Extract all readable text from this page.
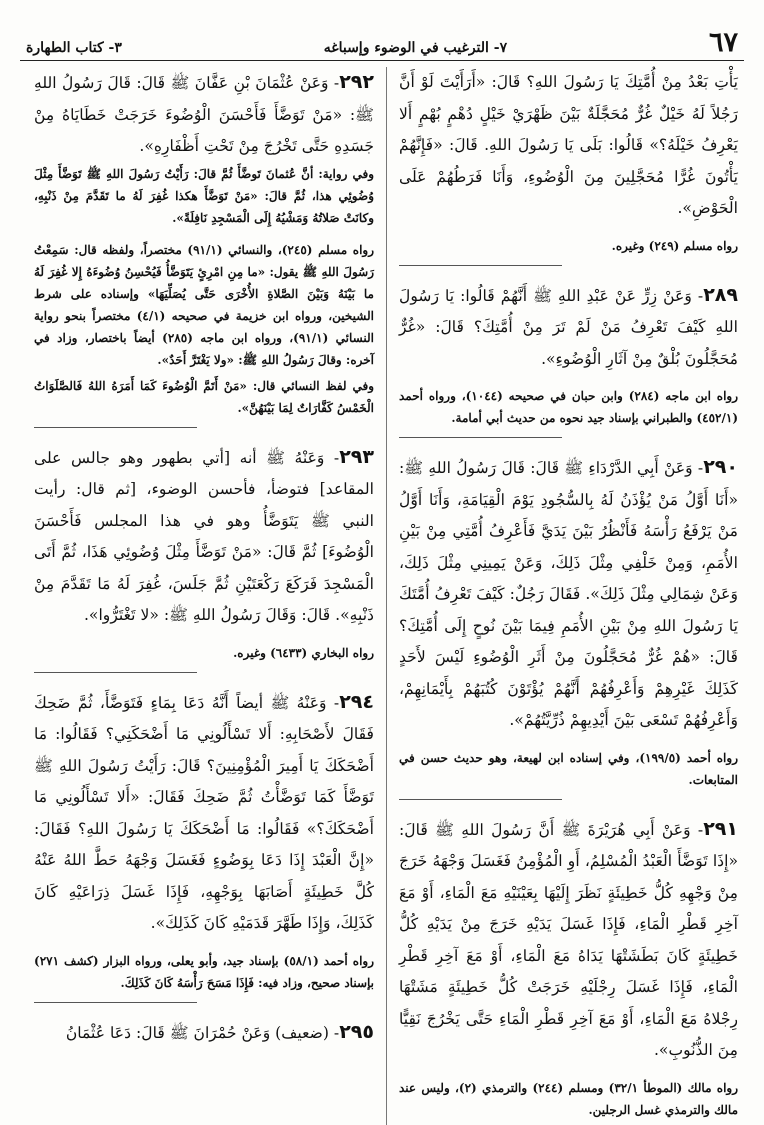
٦٧
٧- الترغيب في الوضوء وإسباغه
٣- كتاب الطهارة

يَأْتِ بَعْدُ مِنْ أُمَّتِكَ يَا رَسُولَ اللهِ؟ قَالَ: «أَرَأَيْتَ لَوْ أَنَّ رَجُلاً لَهُ خَيْلٌ غُرٌّ مُحَجَّلَةٌ بَيْنَ ظَهْرَيْ خَيْلٍ دُهْمٍ بُهْمٍ أَلا يَعْرِفُ خَيْلَهُ؟» قَالُوا: بَلَى يَا رَسُولَ اللهِ. قَالَ: «فَإِنَّهُمْ يَأْتُونَ غُرًّا مُحَجَّلِينَ مِنَ الْوُضُوءِ، وَأَنَا فَرَطُهُمْ عَلَى الْحَوْضِ».

رواه مسلم (٢٤٩) وغيره.

٢٨٩- وَعَنْ زِرٍّ عَنْ عَبْدِ اللهِ ﷺ أَنَّهُمْ قَالُوا: يَا رَسُولَ اللهِ كَيْفَ تَعْرِفُ مَنْ لَمْ تَرَ مِنْ أُمَّتِكَ؟ قَالَ: «غُرٌّ مُحَجَّلُونَ بُلْقٌ مِنْ آثَارِ الْوُضُوءِ».

رواه ابن ماجه (٢٨٤) وابن حبان في صحيحه (١٠٤٤)، ورواه أحمد (٤٥٢/١) والطبراني بإسناد جيد نحوه من حديث أبي أمامة.

٢٩٠- وَعَنْ أَبِي الدَّرْدَاءِ ﷺ قَالَ: قَالَ رَسُولُ اللهِ ﷺ: «أَنَا أَوَّلُ مَنْ يُؤْذَنُ لَهُ بِالسُّجُودِ يَوْمَ الْقِيَامَةِ، وَأَنَا أَوَّلُ مَنْ يَرْفَعُ رَأْسَهُ فَأَنْظُرُ بَيْنَ يَدَيَّ فَأَعْرِفُ أُمَّتِي مِنْ بَيْنِ الأُمَمِ، وَمِنْ خَلْفِي مِثْلَ ذَلِكَ، وَعَنْ يَمِينِي مِثْلَ ذَلِكَ، وَعَنْ شِمَالِي مِثْلَ ذَلِكَ». فَقَالَ رَجُلٌ: كَيْفَ تَعْرِفُ أُمَّتَكَ يَا رَسُولَ اللهِ مِنْ بَيْنِ الأُمَمِ فِيمَا بَيْنَ نُوحٍ إِلَى أُمَّتِكَ؟ قَالَ: «هُمْ غُرٌّ مُحَجَّلُونَ مِنْ أَثَرِ الْوُضُوءِ لَيْسَ لأَحَدٍ كَذَلِكَ غَيْرِهِمْ وَأَعْرِفُهُمْ أَنَّهُمْ يُؤْتَوْنَ كُتُبَهُمْ بِأَيْمَانِهِمْ، وَأَعْرِفُهُمْ تَسْعَى بَيْنَ أَيْدِيهِمْ ذُرِّيَّتُهُمْ».

رواه أحمد (١٩٩/٥)، وفي إسناده ابن لهيعة، وهو حديث حسن في المتابعات.

٢٩١- وَعَنْ أَبِي هُرَيْرَةَ ﷺ أَنَّ رَسُولَ اللهِ ﷺ قَالَ: «إِذَا تَوَضَّأَ الْعَبْدُ الْمُسْلِمُ، أَوِ الْمُؤْمِنُ فَغَسَلَ وَجْهَهُ خَرَجَ مِنْ وَجْهِهِ كُلُّ خَطِيئَةٍ نَظَرَ إِلَيْهَا بِعَيْنَيْهِ مَعَ الْمَاءِ، أَوْ مَعَ آخِرِ قَطْرِ الْمَاءِ، فَإِذَا غَسَلَ يَدَيْهِ خَرَجَ مِنْ يَدَيْهِ كُلُّ خَطِيئَةٍ كَانَ بَطَشَتْهَا يَدَاهُ مَعَ الْمَاءِ، أَوْ مَعَ آخِرِ قَطْرِ الْمَاءِ، فَإِذَا غَسَلَ رِجْلَيْهِ خَرَجَتْ كُلُّ خَطِيئَةٍ مَشَتْهَا رِجْلاهُ مَعَ الْمَاءِ، أَوْ مَعَ آخِرِ قَطْرِ الْمَاءِ حَتَّى يَخْرُجَ نَقِيًّا مِنَ الذُّنُوبِ».

رواه مالك (الموطأ ٣٢/١) ومسلم (٢٤٤) والترمذي (٢)، وليس عند مالك والترمذي غسل الرجلين.

٢٩٢- وَعَنْ عُثْمَانَ بْنِ عَفَّانَ ﷺ قَالَ: قَالَ رَسُولُ اللهِ ﷺ: «مَنْ تَوَضَّأَ فَأَحْسَنَ الْوُضُوءَ خَرَجَتْ خَطَايَاهُ مِنْ جَسَدِهِ حَتَّى تَخْرُجَ مِنْ تَحْتِ أَظْفَارِهِ».

وفي رواية: أنَّ عُثمانَ تَوضَّأَ ثُمَّ قالَ: رَأَيْتُ رَسُولَ اللهِ ﷺ تَوَضَّأَ مِثْلَ وُضُوئِي هذا، ثُمَّ قالَ: «مَنْ تَوَضَّأَ هكذا غُفِرَ لَهُ ما تَقَدَّمَ مِنْ ذَنْبِهِ، وكانَتْ صَلاتُهُ وَمَشْيُهُ إِلَى الْمَسْجِدِ نَافِلَةً».

رواه مسلم (٢٤٥)، والنسائي (٩١/١) مختصراً، ولفظه قال: سَمِعْتُ رَسُولَ اللهِ ﷺ يقول: «ما مِنِ امْرِئٍ يَتَوَضَّأُ فَيُحْسِنُ وُضُوءَهُ إِلا غُفِرَ لَهُ ما بَيْنَهُ وَبَيْنَ الصَّلاةِ الأُخْرَى حَتَّى يُصَلِّيَهَا» وإسناده على شرط الشيخين، ورواه ابن خزيمة في صحيحه (٤/١) مختصراً بنحو رواية النسائي (٩١/١)، ورواه ابن ماجه (٢٨٥) أيضاً باختصار، وزاد في آخره: وقالَ رَسُولُ اللهِ ﷺ: «ولا يَغْتَرَّ أَحَدٌ».

وفي لفظ النسائي قال: «مَنْ أَتَمَّ الْوُضُوءَ كَمَا أَمَرَهُ اللهُ فَالصَّلَوَاتُ الْخَمْسُ كَفَّارَاتٌ لِمَا بَيْنَهُنَّ».

٢٩٣- وَعَنْهُ ﷺ أنه [أتي بطهور وهو جالس على المقاعد] فتوضأ، فأحسن الوضوء، [ثم قال: رأيت النبي ﷺ يَتَوَضَّأُ وهو في هذا المجلس فَأَحْسَنَ الْوُضُوءَ] ثُمَّ قَالَ: «مَنْ تَوَضَّأَ مِثْلَ وُضُوئِي هَذَا، ثُمَّ أَتَى الْمَسْجِدَ فَرَكَعَ رَكْعَتَيْنِ ثُمَّ جَلَسَ، غُفِرَ لَهُ مَا تَقَدَّمَ مِنْ ذَنْبِهِ». قَالَ: وَقَالَ رَسُولُ اللهِ ﷺ: «لا تَغْتَرُّوا».

رواه البخاري (٦٤٣٣) وغيره.

٢٩٤- وَعَنْهُ ﷺ أيضاً أَنَّهُ دَعَا بِمَاءٍ فَتَوَضَّأَ، ثُمَّ ضَحِكَ فَقَالَ لأَصْحَابِهِ: أَلا تَسْأَلُونِي مَا أَضْحَكَنِي؟ فَقَالُوا: مَا أَضْحَكَكَ يَا أَمِيرَ الْمُؤْمِنِينَ؟ قَالَ: رَأَيْتُ رَسُولَ اللهِ ﷺ تَوَضَّأَ كَمَا تَوَضَّأْتُ ثُمَّ ضَحِكَ فَقَالَ: «أَلا تَسْأَلُونِي مَا أَضْحَكَكَ؟» فَقَالُوا: مَا أَضْحَكَكَ يَا رَسُولَ اللهِ؟ فَقَالَ: «إِنَّ الْعَبْدَ إِذَا دَعَا بِوَضُوءٍ فَغَسَلَ وَجْهَهُ حَطَّ اللهُ عَنْهُ كُلَّ خَطِيئَةٍ أَصَابَهَا بِوَجْهِهِ، فَإِذَا غَسَلَ ذِرَاعَيْهِ كَانَ كَذَلِكَ، وَإِذَا طَهَّرَ قَدَمَيْهِ كَانَ كَذَلِكَ».

رواه أحمد (٥٨/١) بإسناد جيد، وأبو يعلى، ورواه البزار (كشف ٢٧١) بإسناد صحيح، وزاد فيه: فَإِذَا مَسَحَ رَأْسَهُ كَانَ كَذَلِكَ.

٢٩٥- (ضعيف) وَعَنْ حُمْرَانَ ﷺ قَالَ: دَعَا عُثْمَانُ
